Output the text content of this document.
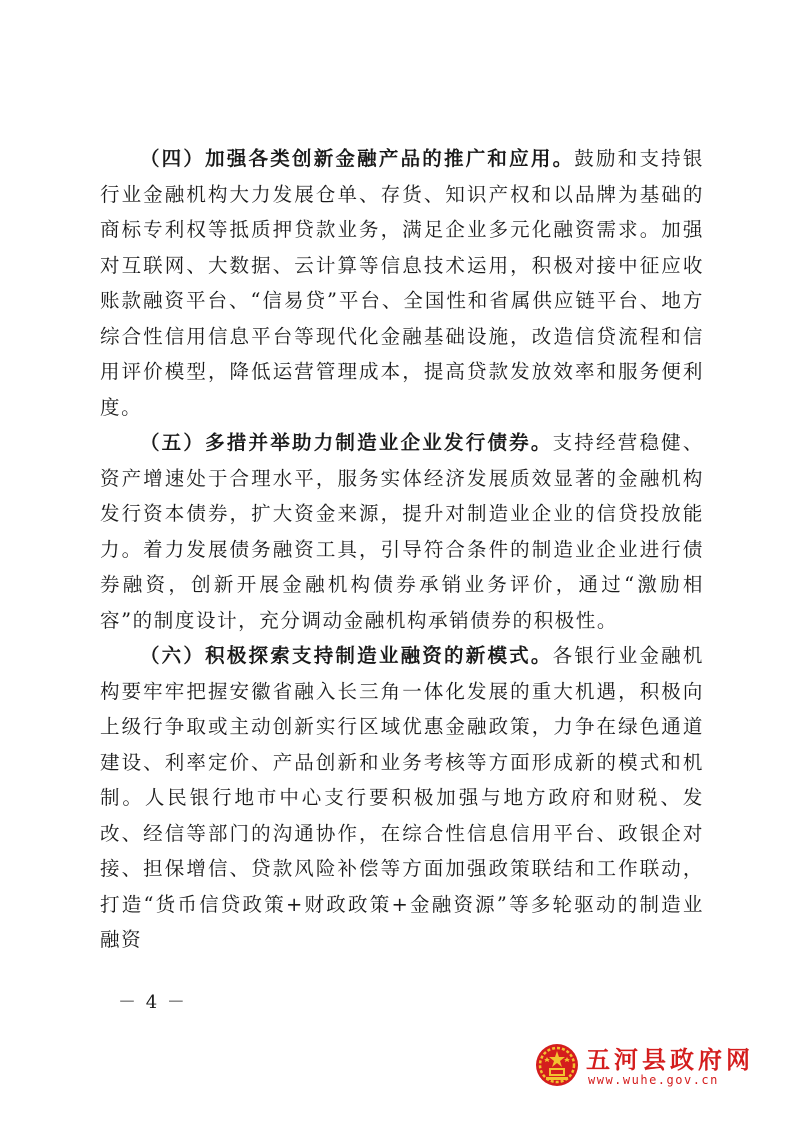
（四）加强各类创新金融产品的推广和应用。鼓励和支持银行业金融机构大力发展仓单、存货、知识产权和以品牌为基础的商标专利权等抵质押贷款业务，满足企业多元化融资需求。加强对互联网、大数据、云计算等信息技术运用，积极对接中征应收账款融资平台、“信易贷”平台、全国性和省属供应链平台、地方综合性信用信息平台等现代化金融基础设施，改造信贷流程和信用评价模型，降低运营管理成本，提高贷款发放效率和服务便利度。

（五）多措并举助力制造业企业发行债券。支持经营稳健、资产增速处于合理水平，服务实体经济发展质效显著的金融机构发行资本债券，扩大资金来源，提升对制造业企业的信贷投放能力。着力发展债务融资工具，引导符合条件的制造业企业进行债券融资，创新开展金融机构债券承销业务评价，通过“激励相容”的制度设计，充分调动金融机构承销债券的积极性。

（六）积极探索支持制造业融资的新模式。各银行业金融机构要牢牢把握安徽省融入长三角一体化发展的重大机遇，积极向上级行争取或主动创新实行区域优惠金融政策，力争在绿色通道建设、利率定价、产品创新和业务考核等方面形成新的模式和机制。人民银行地市中心支行要积极加强与地方政府和财税、发改、经信等部门的沟通协作，在综合性信息信用平台、政银企对接、担保增信、贷款风险补偿等方面加强政策联结和工作联动，打造“货币信贷政策+财政政策+金融资源”等多轮驱动的制造业融资

－ 4 －
五河县政府网
www.wuhe.gov.cn
